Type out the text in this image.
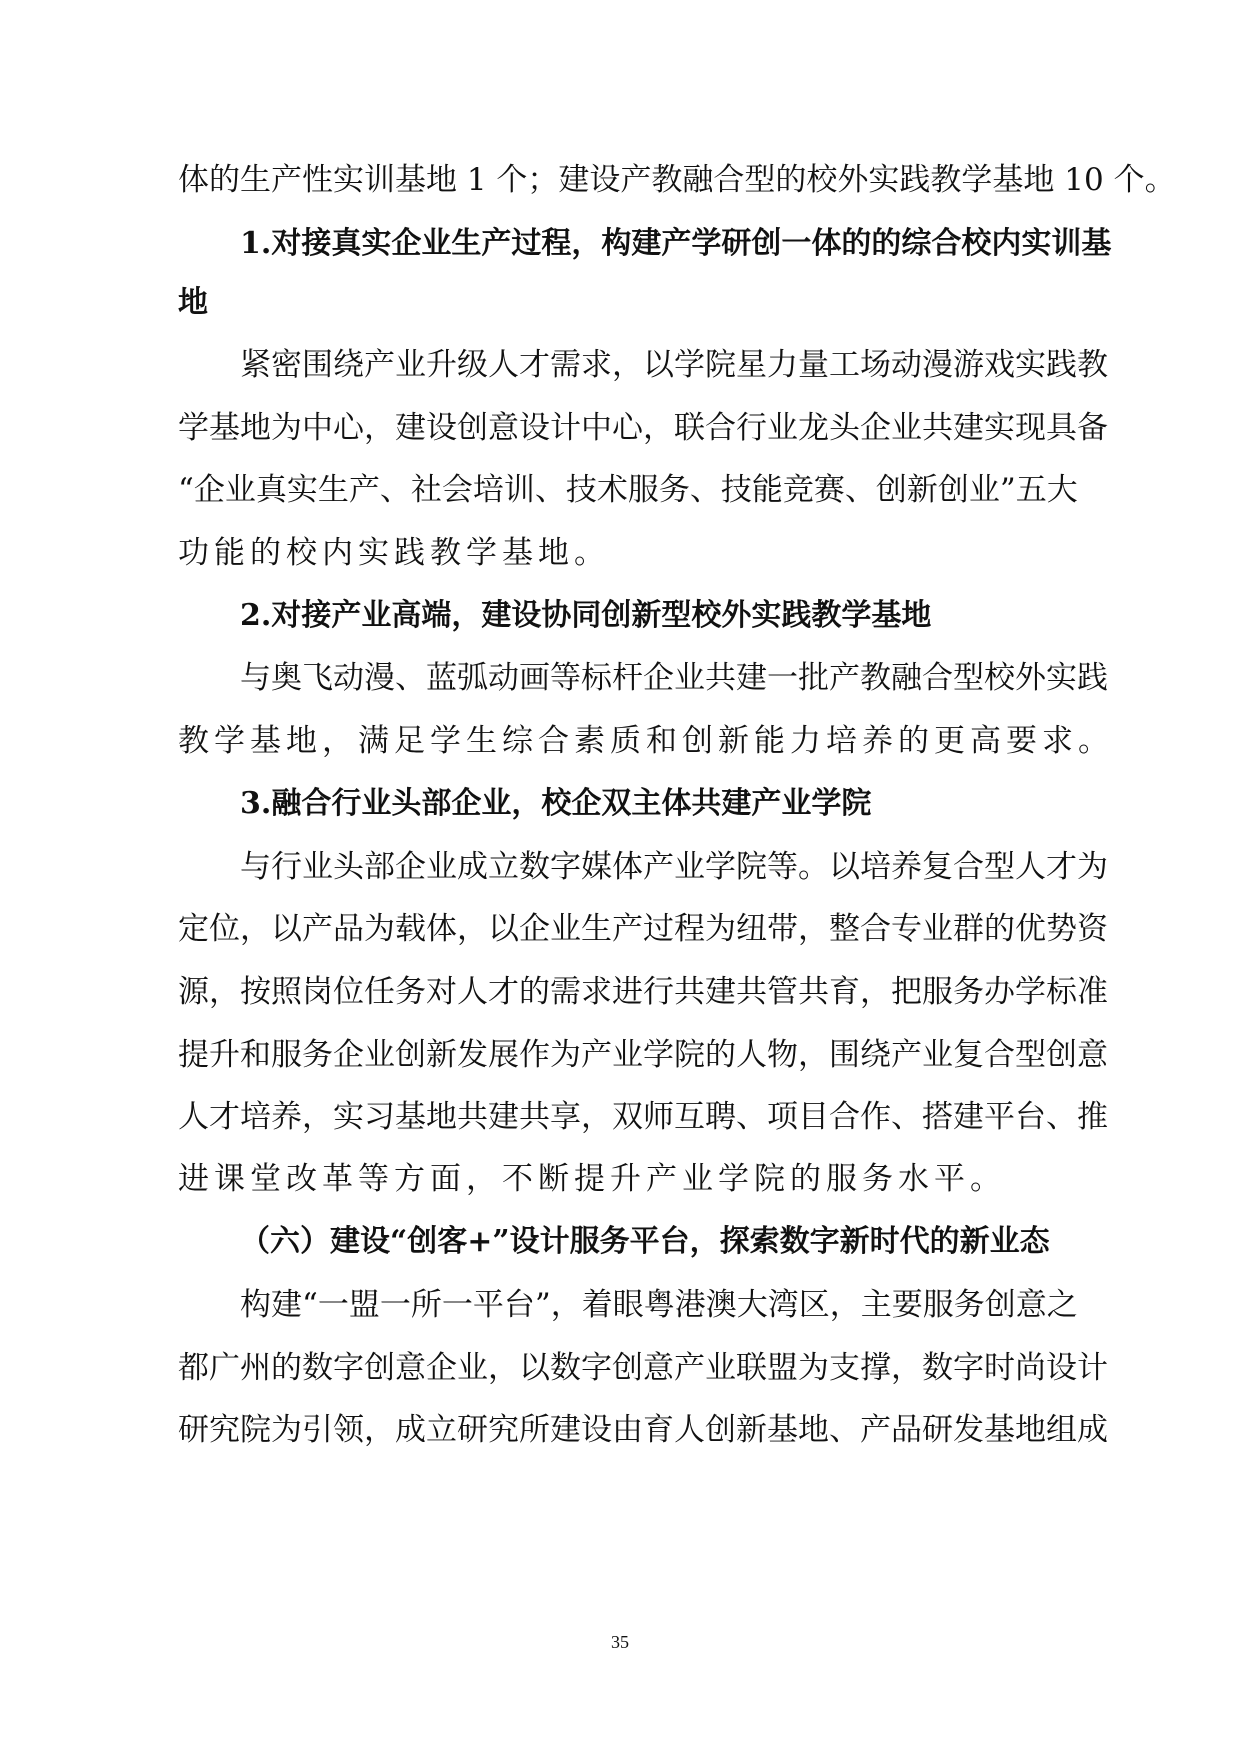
体的生产性实训基地 1 个；建设产教融合型的校外实践教学基地 10 个。
1.对接真实企业生产过程，构建产学研创一体的的综合校内实训基
地
紧密围绕产业升级人才需求，以学院星力量工场动漫游戏实践教
学基地为中心，建设创意设计中心，联合行业龙头企业共建实现具备
“企业真实生产、社会培训、技术服务、技能竞赛、创新创业”五大
功能的校内实践教学基地。
2.对接产业高端，建设协同创新型校外实践教学基地
与奥飞动漫、蓝弧动画等标杆企业共建一批产教融合型校外实践
教学基地，满足学生综合素质和创新能力培养的更高要求。
3.融合行业头部企业，校企双主体共建产业学院
与行业头部企业成立数字媒体产业学院等。以培养复合型人才为
定位，以产品为载体，以企业生产过程为纽带，整合专业群的优势资
源，按照岗位任务对人才的需求进行共建共管共育，把服务办学标准
提升和服务企业创新发展作为产业学院的人物，围绕产业复合型创意
人才培养，实习基地共建共享，双师互聘、项目合作、搭建平台、推
进课堂改革等方面，不断提升产业学院的服务水平。
（六）建设“创客+”设计服务平台，探索数字新时代的新业态
构建“一盟一所一平台”，着眼粤港澳大湾区，主要服务创意之
都广州的数字创意企业，以数字创意产业联盟为支撑，数字时尚设计
研究院为引领，成立研究所建设由育人创新基地、产品研发基地组成
35
